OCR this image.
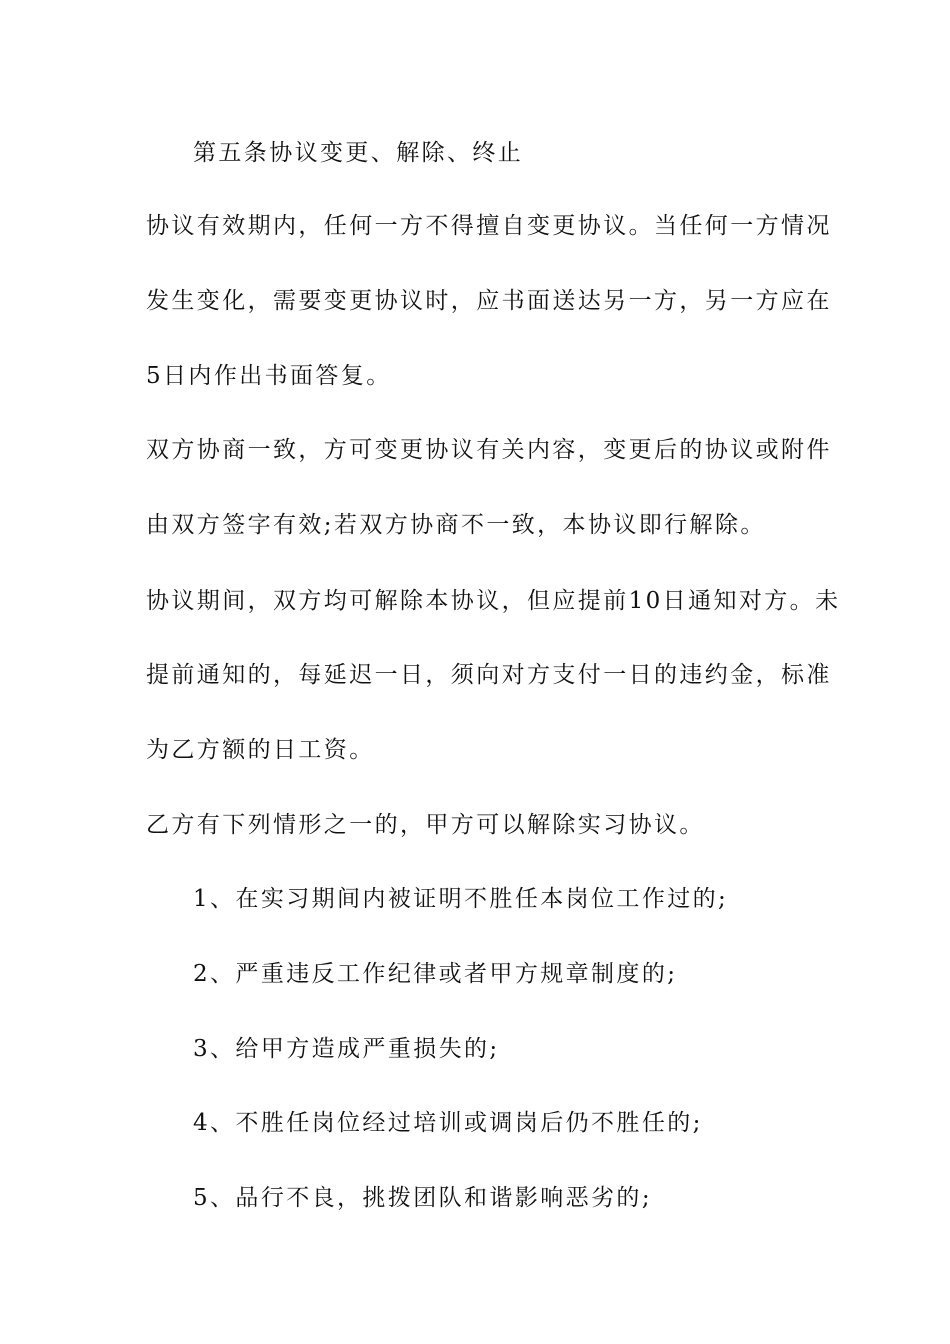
第五条协议变更、解除、终止
协议有效期内，任何一方不得擅自变更协议。当任何一方情况
发生变化，需要变更协议时，应书面送达另一方，另一方应在
5日内作出书面答复。
双方协商一致，方可变更协议有关内容，变更后的协议或附件
由双方签字有效;若双方协商不一致，本协议即行解除。
协议期间，双方均可解除本协议，但应提前10日通知对方。未
提前通知的，每延迟一日，须向对方支付一日的违约金，标准
为乙方额的日工资。
乙方有下列情形之一的，甲方可以解除实习协议。
1、在实习期间内被证明不胜任本岗位工作过的;
2、严重违反工作纪律或者甲方规章制度的;
3、给甲方造成严重损失的;
4、不胜任岗位经过培训或调岗后仍不胜任的;
5、品行不良，挑拨团队和谐影响恶劣的;
